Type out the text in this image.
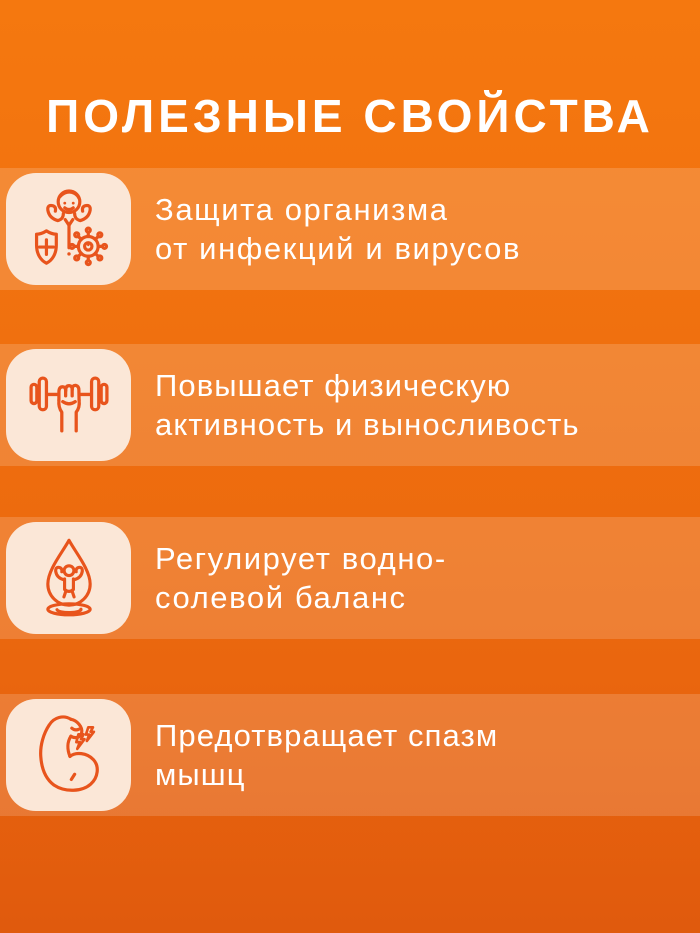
ПОЛЕЗНЫЕ СВОЙСТВА
Защита организма
от инфекций и вирусов
Повышает физическую
активность и выносливость
Регулирует водно-
солевой баланс
Предотвращает спазм
мышц
